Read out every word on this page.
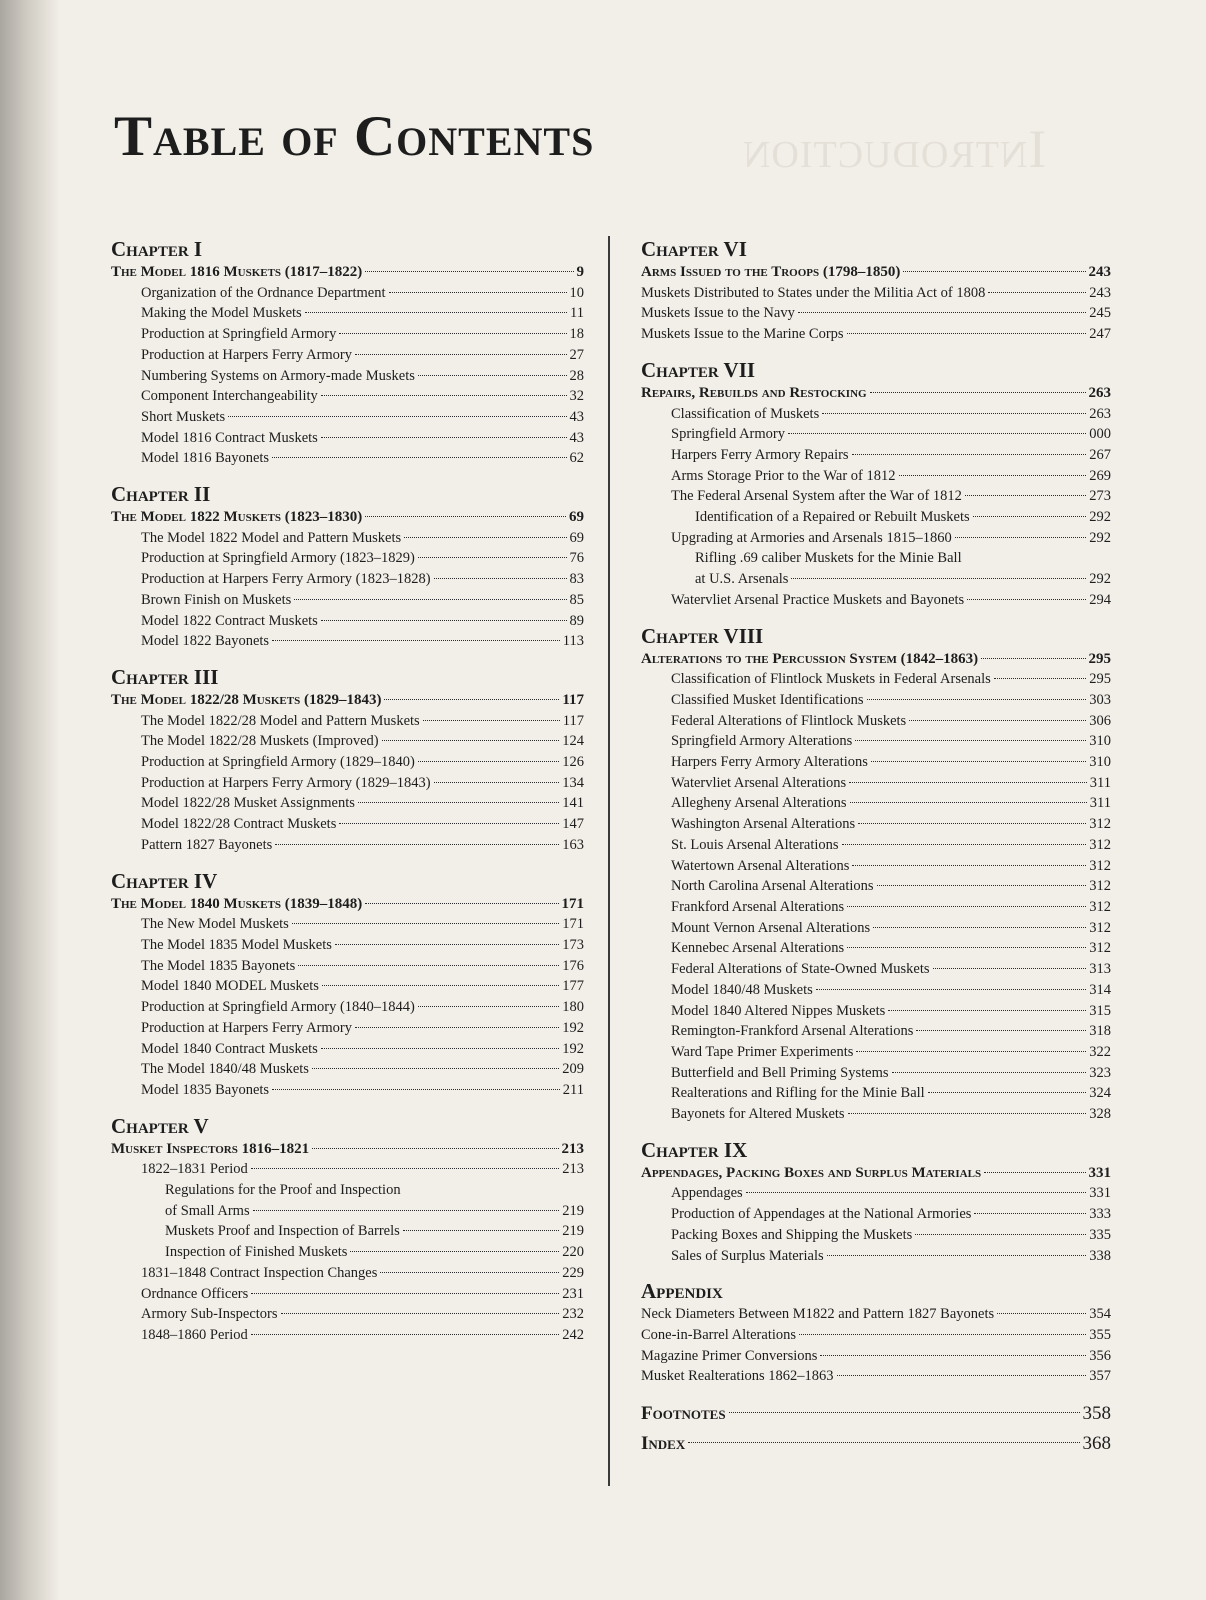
Introduction
Table of Contents
Chapter I
The Model 1816 Muskets (1817–1822)	9
Organization of the Ordnance Department	10
Making the Model Muskets	11
Production at Springfield Armory	18
Production at Harpers Ferry Armory	27
Numbering Systems on Armory-made Muskets	28
Component Interchangeability	32
Short Muskets	43
Model 1816 Contract Muskets	43
Model 1816 Bayonets	62
Chapter II
The Model 1822 Muskets (1823–1830)	69
The Model 1822 Model and Pattern Muskets	69
Production at Springfield Armory (1823–1829)	76
Production at Harpers Ferry Armory (1823–1828)	83
Brown Finish on Muskets	85
Model 1822 Contract Muskets	89
Model 1822 Bayonets	113
Chapter III
The Model 1822/28 Muskets (1829–1843)	117
The Model 1822/28 Model and Pattern Muskets	117
The Model 1822/28 Muskets (Improved)	124
Production at Springfield Armory (1829–1840)	126
Production at Harpers Ferry Armory (1829–1843)	134
Model 1822/28 Musket Assignments	141
Model 1822/28 Contract Muskets	147
Pattern 1827 Bayonets	163
Chapter IV
The Model 1840 Muskets (1839–1848)	171
The New Model Muskets	171
The Model 1835 Model Muskets	173
The Model 1835 Bayonets	176
Model 1840 MODEL Muskets	177
Production at Springfield Armory (1840–1844)	180
Production at Harpers Ferry Armory	192
Model 1840 Contract Muskets	192
The Model 1840/48 Muskets	209
Model 1835 Bayonets	211
Chapter V
Musket Inspectors 1816–1821	213
1822–1831 Period	213
Regulations for the Proof and Inspection
of Small Arms	219
Muskets Proof and Inspection of Barrels	219
Inspection of Finished Muskets	220
1831–1848 Contract Inspection Changes	229
Ordnance Officers	231
Armory Sub-Inspectors	232
1848–1860 Period	242
Chapter VI
Arms Issued to the Troops (1798–1850)	243
Muskets Distributed to States under the Militia Act of 1808	243
Muskets Issue to the Navy	245
Muskets Issue to the Marine Corps	247
Chapter VII
Repairs, Rebuilds and Restocking	263
Classification of Muskets	263
Springfield Armory	000
Harpers Ferry Armory Repairs	267
Arms Storage Prior to the War of 1812	269
The Federal Arsenal System after the War of 1812	273
Identification of a Repaired or Rebuilt Muskets	292
Upgrading at Armories and Arsenals 1815–1860	292
Rifling .69 caliber Muskets for the Minie Ball
at U.S. Arsenals	292
Watervliet Arsenal Practice Muskets and Bayonets	294
Chapter VIII
Alterations to the Percussion System (1842–1863)	295
Classification of Flintlock Muskets in Federal Arsenals	295
Classified Musket Identifications	303
Federal Alterations of Flintlock Muskets	306
Springfield Armory Alterations	310
Harpers Ferry Armory Alterations	310
Watervliet Arsenal Alterations	311
Allegheny Arsenal Alterations	311
Washington Arsenal Alterations	312
St. Louis Arsenal Alterations	312
Watertown Arsenal Alterations	312
North Carolina Arsenal Alterations	312
Frankford Arsenal Alterations	312
Mount Vernon Arsenal Alterations	312
Kennebec Arsenal Alterations	312
Federal Alterations of State-Owned Muskets	313
Model 1840/48 Muskets	314
Model 1840 Altered Nippes Muskets	315
Remington-Frankford Arsenal Alterations	318
Ward Tape Primer Experiments	322
Butterfield and Bell Priming Systems	323
Realterations and Rifling for the Minie Ball	324
Bayonets for Altered Muskets	328
Chapter IX
Appendages, Packing Boxes and Surplus Materials	331
Appendages	331
Production of Appendages at the National Armories	333
Packing Boxes and Shipping the Muskets	335
Sales of Surplus Materials	338
Appendix
Neck Diameters Between M1822 and Pattern 1827 Bayonets	354
Cone-in-Barrel Alterations	355
Magazine Primer Conversions	356
Musket Realterations 1862–1863	357
Footnotes	358
Index	368
